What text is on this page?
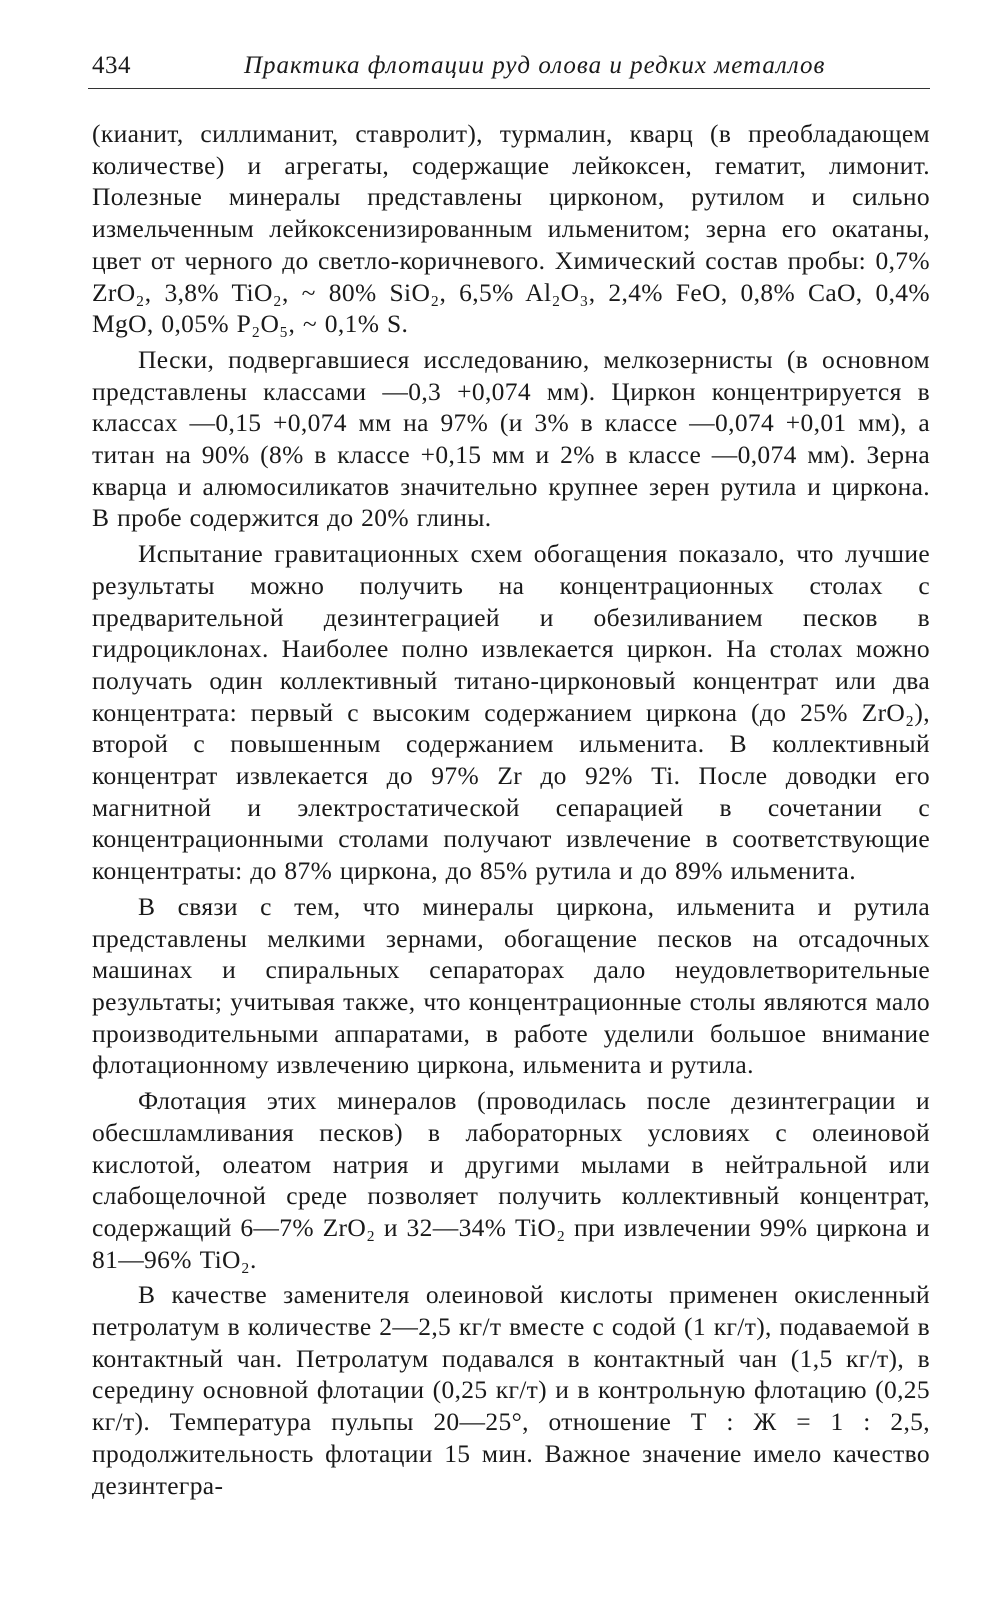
434	Практика флотации руд олова и редких металлов

(кианит, силлиманит, ставролит), турмалин, кварц (в преобладающем количестве) и агрегаты, содержащие лейкоксен, гематит, лимонит. Полезные минералы представлены цирконом, рутилом и сильно измельченным лейкоксенизированным ильменитом; зерна его окатаны, цвет от черного до светло-коричневого. Химический состав пробы: 0,7% ZrO₂, 3,8% TiO₂, ~ 80% SiO₂, 6,5% Al₂O₃, 2,4% FeO, 0,8% CaO, 0,4% MgO, 0,05% P₂O₅, ~ 0,1% S.

Пески, подвергавшиеся исследованию, мелкозернисты (в основном представлены классами —0,3 +0,074 мм). Циркон концентрируется в классах —0,15 +0,074 мм на 97% (и 3% в классе —0,074 +0,01 мм), а титан на 90% (8% в классе +0,15 мм и 2% в классе —0,074 мм). Зерна кварца и алюмосиликатов значительно крупнее зерен рутила и циркона. В пробе содержится до 20% глины.

Испытание гравитационных схем обогащения показало, что лучшие результаты можно получить на концентрационных столах с предварительной дезинтеграцией и обезиливанием песков в гидроциклонах. Наиболее полно извлекается циркон. На столах можно получать один коллективный титано-цирконовый концентрат или два концентрата: первый с высоким содержанием циркона (до 25% ZrO₂), второй с повышенным содержанием ильменита. В коллективный концентрат извлекается до 97% Zr до 92% Ti. После доводки его магнитной и электростатической сепарацией в сочетании с концентрационными столами получают извлечение в соответствующие концентраты: до 87% циркона, до 85% рутила и до 89% ильменита.

В связи с тем, что минералы циркона, ильменита и рутила представлены мелкими зернами, обогащение песков на отсадочных машинах и спиральных сепараторах дало неудовлетворительные результаты; учитывая также, что концентрационные столы являются мало производительными аппаратами, в работе уделили большое внимание флотационному извлечению циркона, ильменита и рутила.

Флотация этих минералов (проводилась после дезинтеграции и обесшламливания песков) в лабораторных условиях с олеиновой кислотой, олеатом натрия и другими мылами в нейтральной или слабощелочной среде позволяет получить коллективный концентрат, содержащий 6—7% ZrO₂ и 32—34% TiO₂ при извлечении 99% циркона и 81—96% TiO₂.

В качестве заменителя олеиновой кислоты применен окисленный петролатум в количестве 2—2,5 кг/т вместе с содой (1 кг/т), подаваемой в контактный чан. Петролатум подавался в контактный чан (1,5 кг/т), в середину основной флотации (0,25 кг/т) и в контрольную флотацию (0,25 кг/т). Температура пульпы 20—25°, отношение Т : Ж = 1 : 2,5, продолжительность флотации 15 мин. Важное значение имело качество дезинтегра-
